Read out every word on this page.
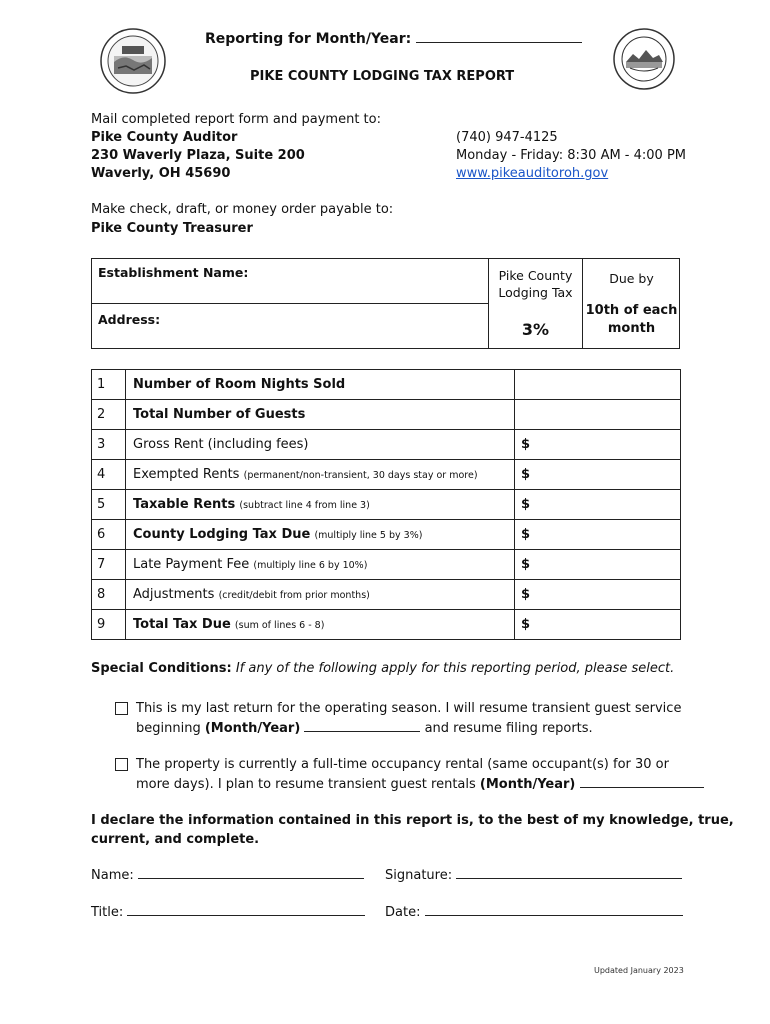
Reporting for Month/Year:
PIKE COUNTY LODGING TAX REPORT
Mail completed report form and payment to:
Pike County Auditor
230 Waverly Plaza, Suite 200
Waverly, OH 45690
(740) 947-4125
Monday - Friday: 8:30 AM - 4:00 PM
www.pikeauditoroh.gov
Make check, draft, or money order payable to:
Pike County Treasurer
Establishment Name:
Address:
Pike County
Lodging Tax
3%
Due by
10th of each
month
1	Number of Room Nights Sold	
2	Total Number of Guests	
3	Gross Rent (including fees)	$
4	Exempted Rents (permanent/non-transient, 30 days stay or more)	$
5	Taxable Rents (subtract line 4 from line 3)	$
6	County Lodging Tax Due (multiply line 5 by 3%)	$
7	Late Payment Fee (multiply line 6 by 10%)	$
8	Adjustments (credit/debit from prior months)	$
9	Total Tax Due (sum of lines 6 - 8)	$
Special Conditions: If any of the following apply for this reporting period, please select.
This is my last return for the operating season. I will resume transient guest service
beginning (Month/Year)	and resume filing reports.
The property is currently a full-time occupancy rental (same occupant(s) for 30 or
more days). I plan to resume transient guest rentals (Month/Year)
I declare the information contained in this report is, to the best of my knowledge, true,
current, and complete.
Name:	Signature:
Title:	Date:
Updated January 2023
